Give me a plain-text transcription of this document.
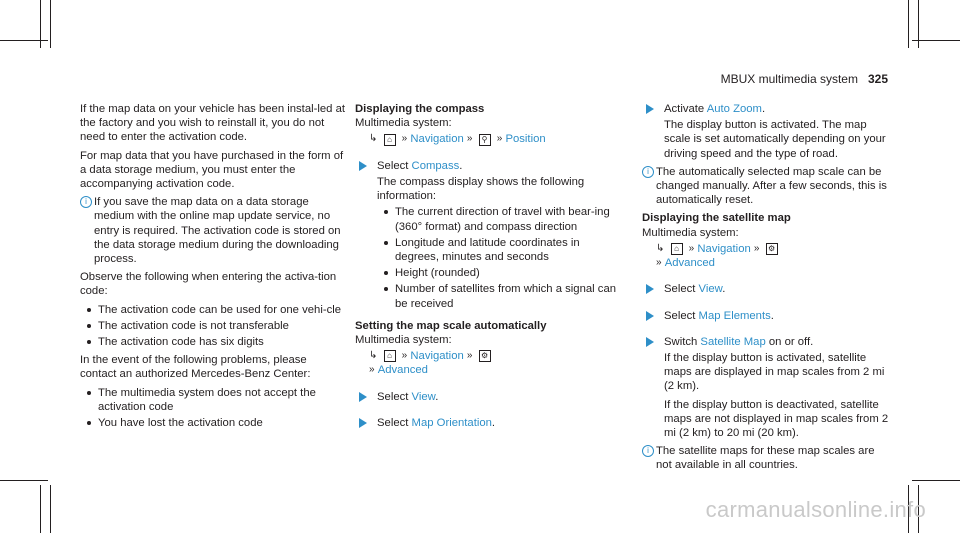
MBUX multimedia system 325

If the map data on your vehicle has been instal-led at the factory and you wish to reinstall it, you do not need to enter the activation code.

For map data that you have purchased in the form of a data storage medium, you must enter the accompanying activation code.

i If you save the map data on a data storage medium with the online map update service, no entry is required. The activation code is stored on the data storage medium during the downloading process.

Observe the following when entering the activa-tion code:

The activation code can be used for one vehi-cle
The activation code is not transferable
The activation code has six digits

In the event of the following problems, please contact an authorized Mercedes-Benz Center:

The multimedia system does not accept the activation code
You have lost the activation code

Displaying the compass

Multimedia system:

↳ ⌂ » Navigation » ⚲ » Position

Select Compass.
The compass display shows the following information:
The current direction of travel with bear-ing (360° format) and compass direction
Longitude and latitude coordinates in degrees, minutes and seconds
Height (rounded)
Number of satellites from which a signal can be received

Setting the map scale automatically

Multimedia system:

↳ ⌂ » Navigation » ⚙
» Advanced

Select View.
Select Map Orientation.
Activate Auto Zoom.
The display button is activated. The map scale is set automatically depending on your driving speed and the type of road.

i The automatically selected map scale can be changed manually. After a few seconds, this is automatically reset.

Displaying the satellite map

Multimedia system:

↳ ⌂ » Navigation » ⚙
» Advanced

Select View.
Select Map Elements.
Switch Satellite Map on or off.
If the display button is activated, satellite maps are displayed in map scales from 2 mi (2 km).
If the display button is deactivated, satellite maps are not displayed in map scales from 2 mi (2 km) to 20 mi (20 km).

i The satellite maps for these map scales are not available in all countries.

carmanualsonline.info
